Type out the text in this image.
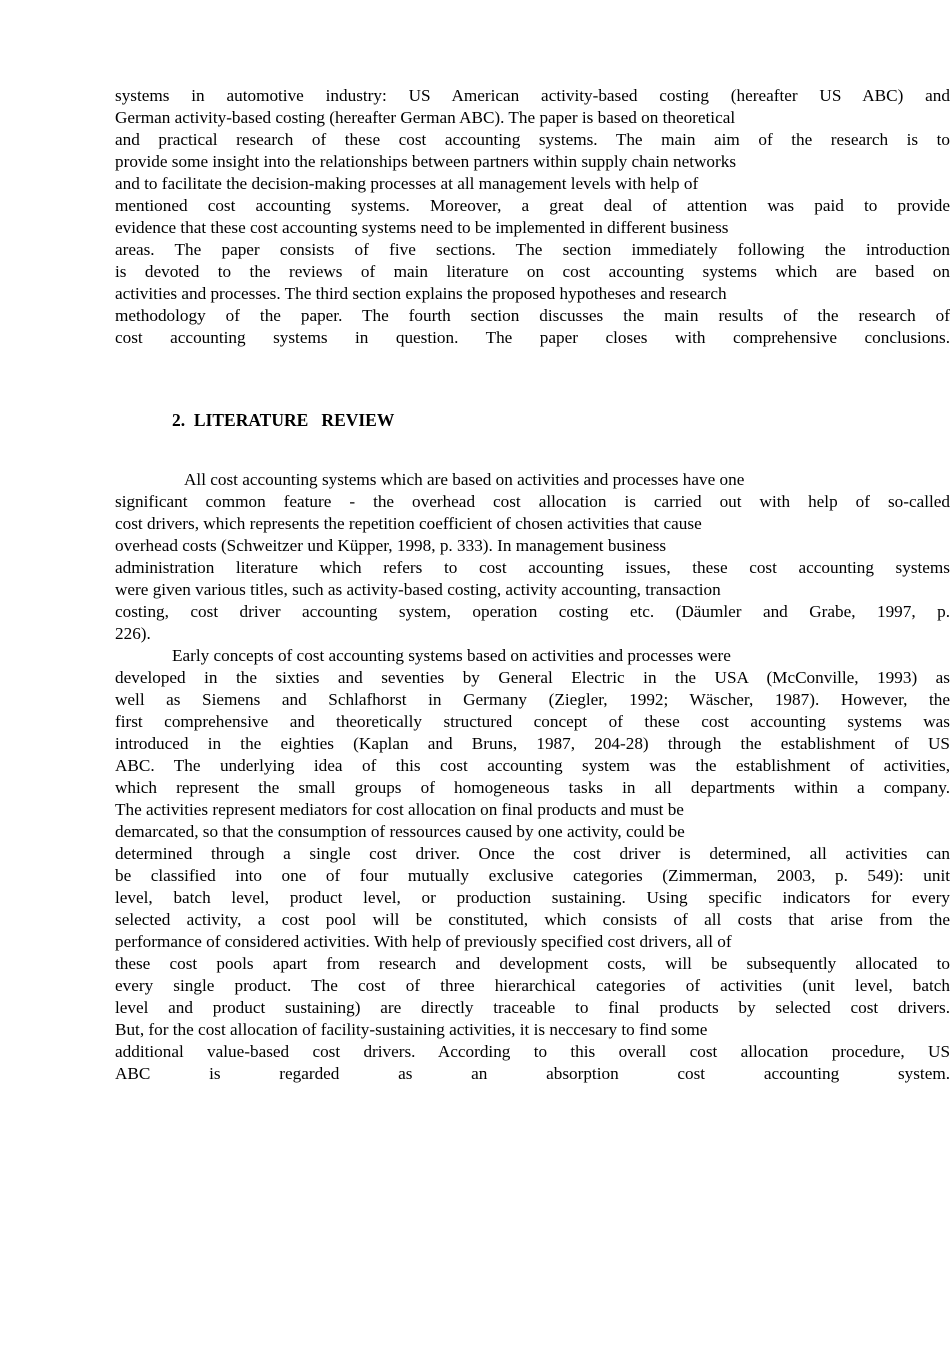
systems in automotive industry: US American activity-based costing (hereafter US ABC) and
German activity-based costing (hereafter German ABC). The paper is based on theoretical
and practical research of these cost accounting systems. The main aim of the research is to
provide some insight into the relationships between partners within supply chain networks
and to facilitate the decision-making processes at all management levels with help of
mentioned cost accounting systems. Moreover, a great deal of attention was paid to provide
evidence that these cost accounting systems need to be implemented in different business
areas. The paper consists of five sections. The section immediately following the introduction
is devoted to the reviews of main literature on cost accounting systems which are based on
activities and processes. The third section explains the proposed hypotheses and research
methodology of the paper. The fourth section discusses the main results of the research of
cost accounting systems in question. The paper closes with comprehensive conclusions.
2.  LITERATURE   REVIEW
All cost accounting systems which are based on activities and processes have one
significant common feature - the overhead cost allocation is carried out with help of so-called
cost drivers, which represents the repetition coefficient of chosen activities that cause
overhead costs (Schweitzer und Küpper, 1998, p. 333). In management business
administration literature which refers to cost accounting issues, these cost accounting systems
were given various titles, such as activity-based costing, activity accounting, transaction
costing, cost driver accounting system, operation costing etc. (Däumler and Grabe, 1997, p.
226).
Early concepts of cost accounting systems based on activities and processes were
developed in the sixties and seventies by General Electric in the USA (McConville, 1993) as
well as Siemens and Schlafhorst in Germany (Ziegler, 1992; Wäscher, 1987). However, the
first comprehensive and theoretically structured concept of these cost accounting systems was
introduced in the eighties (Kaplan and Bruns, 1987, 204-28) through the establishment of US
ABC. The underlying idea of this cost accounting system was the establishment of activities,
which represent the small groups of homogeneous tasks in all departments within a company.
The activities represent mediators for cost allocation on final products and must be
demarcated, so that the consumption of ressources caused by one activity, could be
determined through a single cost driver. Once the cost driver is determined, all activities can
be classified into one of four mutually exclusive categories (Zimmerman, 2003, p. 549): unit
level, batch level, product level, or production sustaining. Using specific indicators for every
selected activity, a cost pool will be constituted, which consists of all costs that arise from the
performance of considered activities. With help of previously specified cost drivers, all of
these cost pools apart from research and development costs, will be subsequently allocated to
every single product. The cost of three hierarchical categories of activities (unit level, batch
level and product sustaining) are directly traceable to final products by selected cost drivers.
But, for the cost allocation of facility-sustaining activities, it is neccesary to find some
additional value-based cost drivers. According to this overall cost allocation procedure, US
ABC is regarded as an absorption cost accounting system.
